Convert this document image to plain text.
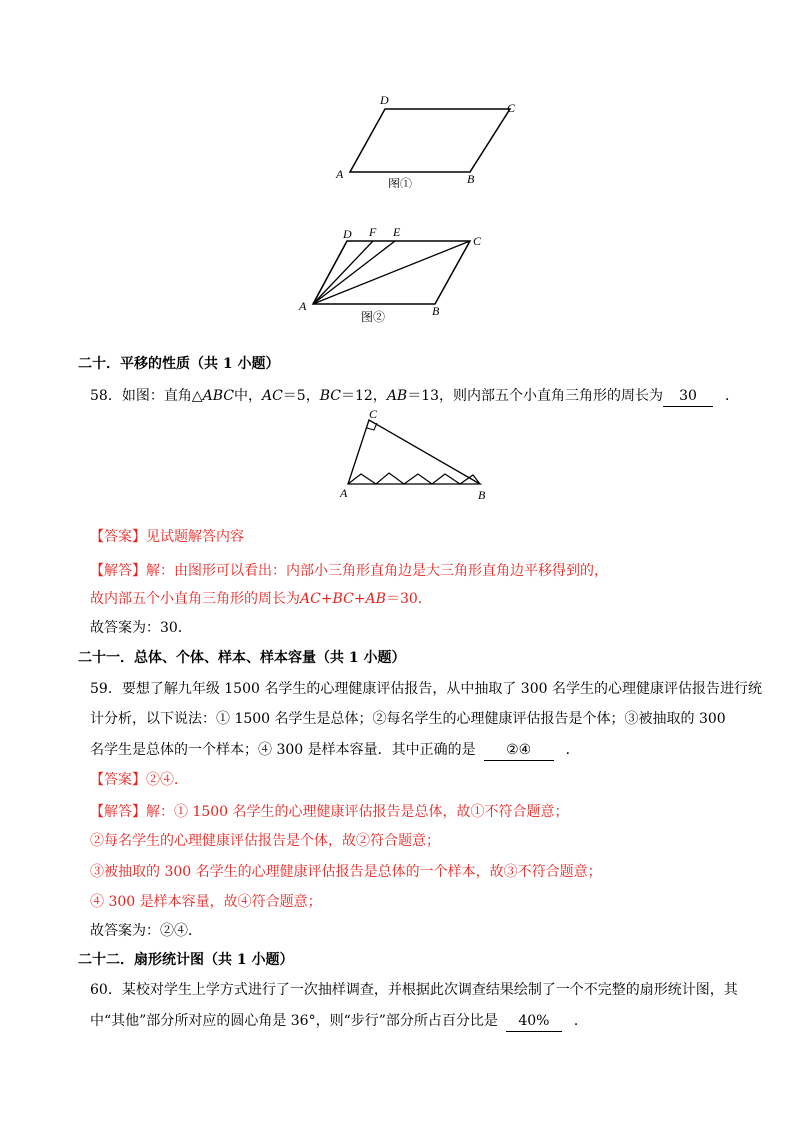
D
C
A	B
图①
D F E
C
A	B
图②
二十．平移的性质（共 1 小题）
58．如图：直角△ABC中，AC＝5，BC＝12，AB＝13，则内部五个小直角三角形的周长为 30 ．
C
A	B
【答案】见试题解答内容
【解答】解：由图形可以看出：内部小三角形直角边是大三角形直角边平移得到的，
故内部五个小直角三角形的周长为AC+BC+AB＝30．
故答案为：30．
二十一．总体、个体、样本、样本容量（共 1 小题）
59．要想了解九年级 1500 名学生的心理健康评估报告，从中抽取了 300 名学生的心理健康评估报告进行统
计分析，以下说法：① 1500 名学生是总体；②每名学生的心理健康评估报告是个体；③被抽取的 300
名学生是总体的一个样本；④ 300 是样本容量．其中正确的是 ②④ ．
【答案】②④．
【解答】解：① 1500 名学生的心理健康评估报告是总体，故①不符合题意；
②每名学生的心理健康评估报告是个体，故②符合题意；
③被抽取的 300 名学生的心理健康评估报告是总体的一个样本，故③不符合题意；
④ 300 是样本容量，故④符合题意；
故答案为：②④．
二十二．扇形统计图（共 1 小题）
60．某校对学生上学方式进行了一次抽样调查，并根据此次调查结果绘制了一个不完整的扇形统计图，其
中“其他”部分所对应的圆心角是 36°，则“步行”部分所占百分比是 40% ．
